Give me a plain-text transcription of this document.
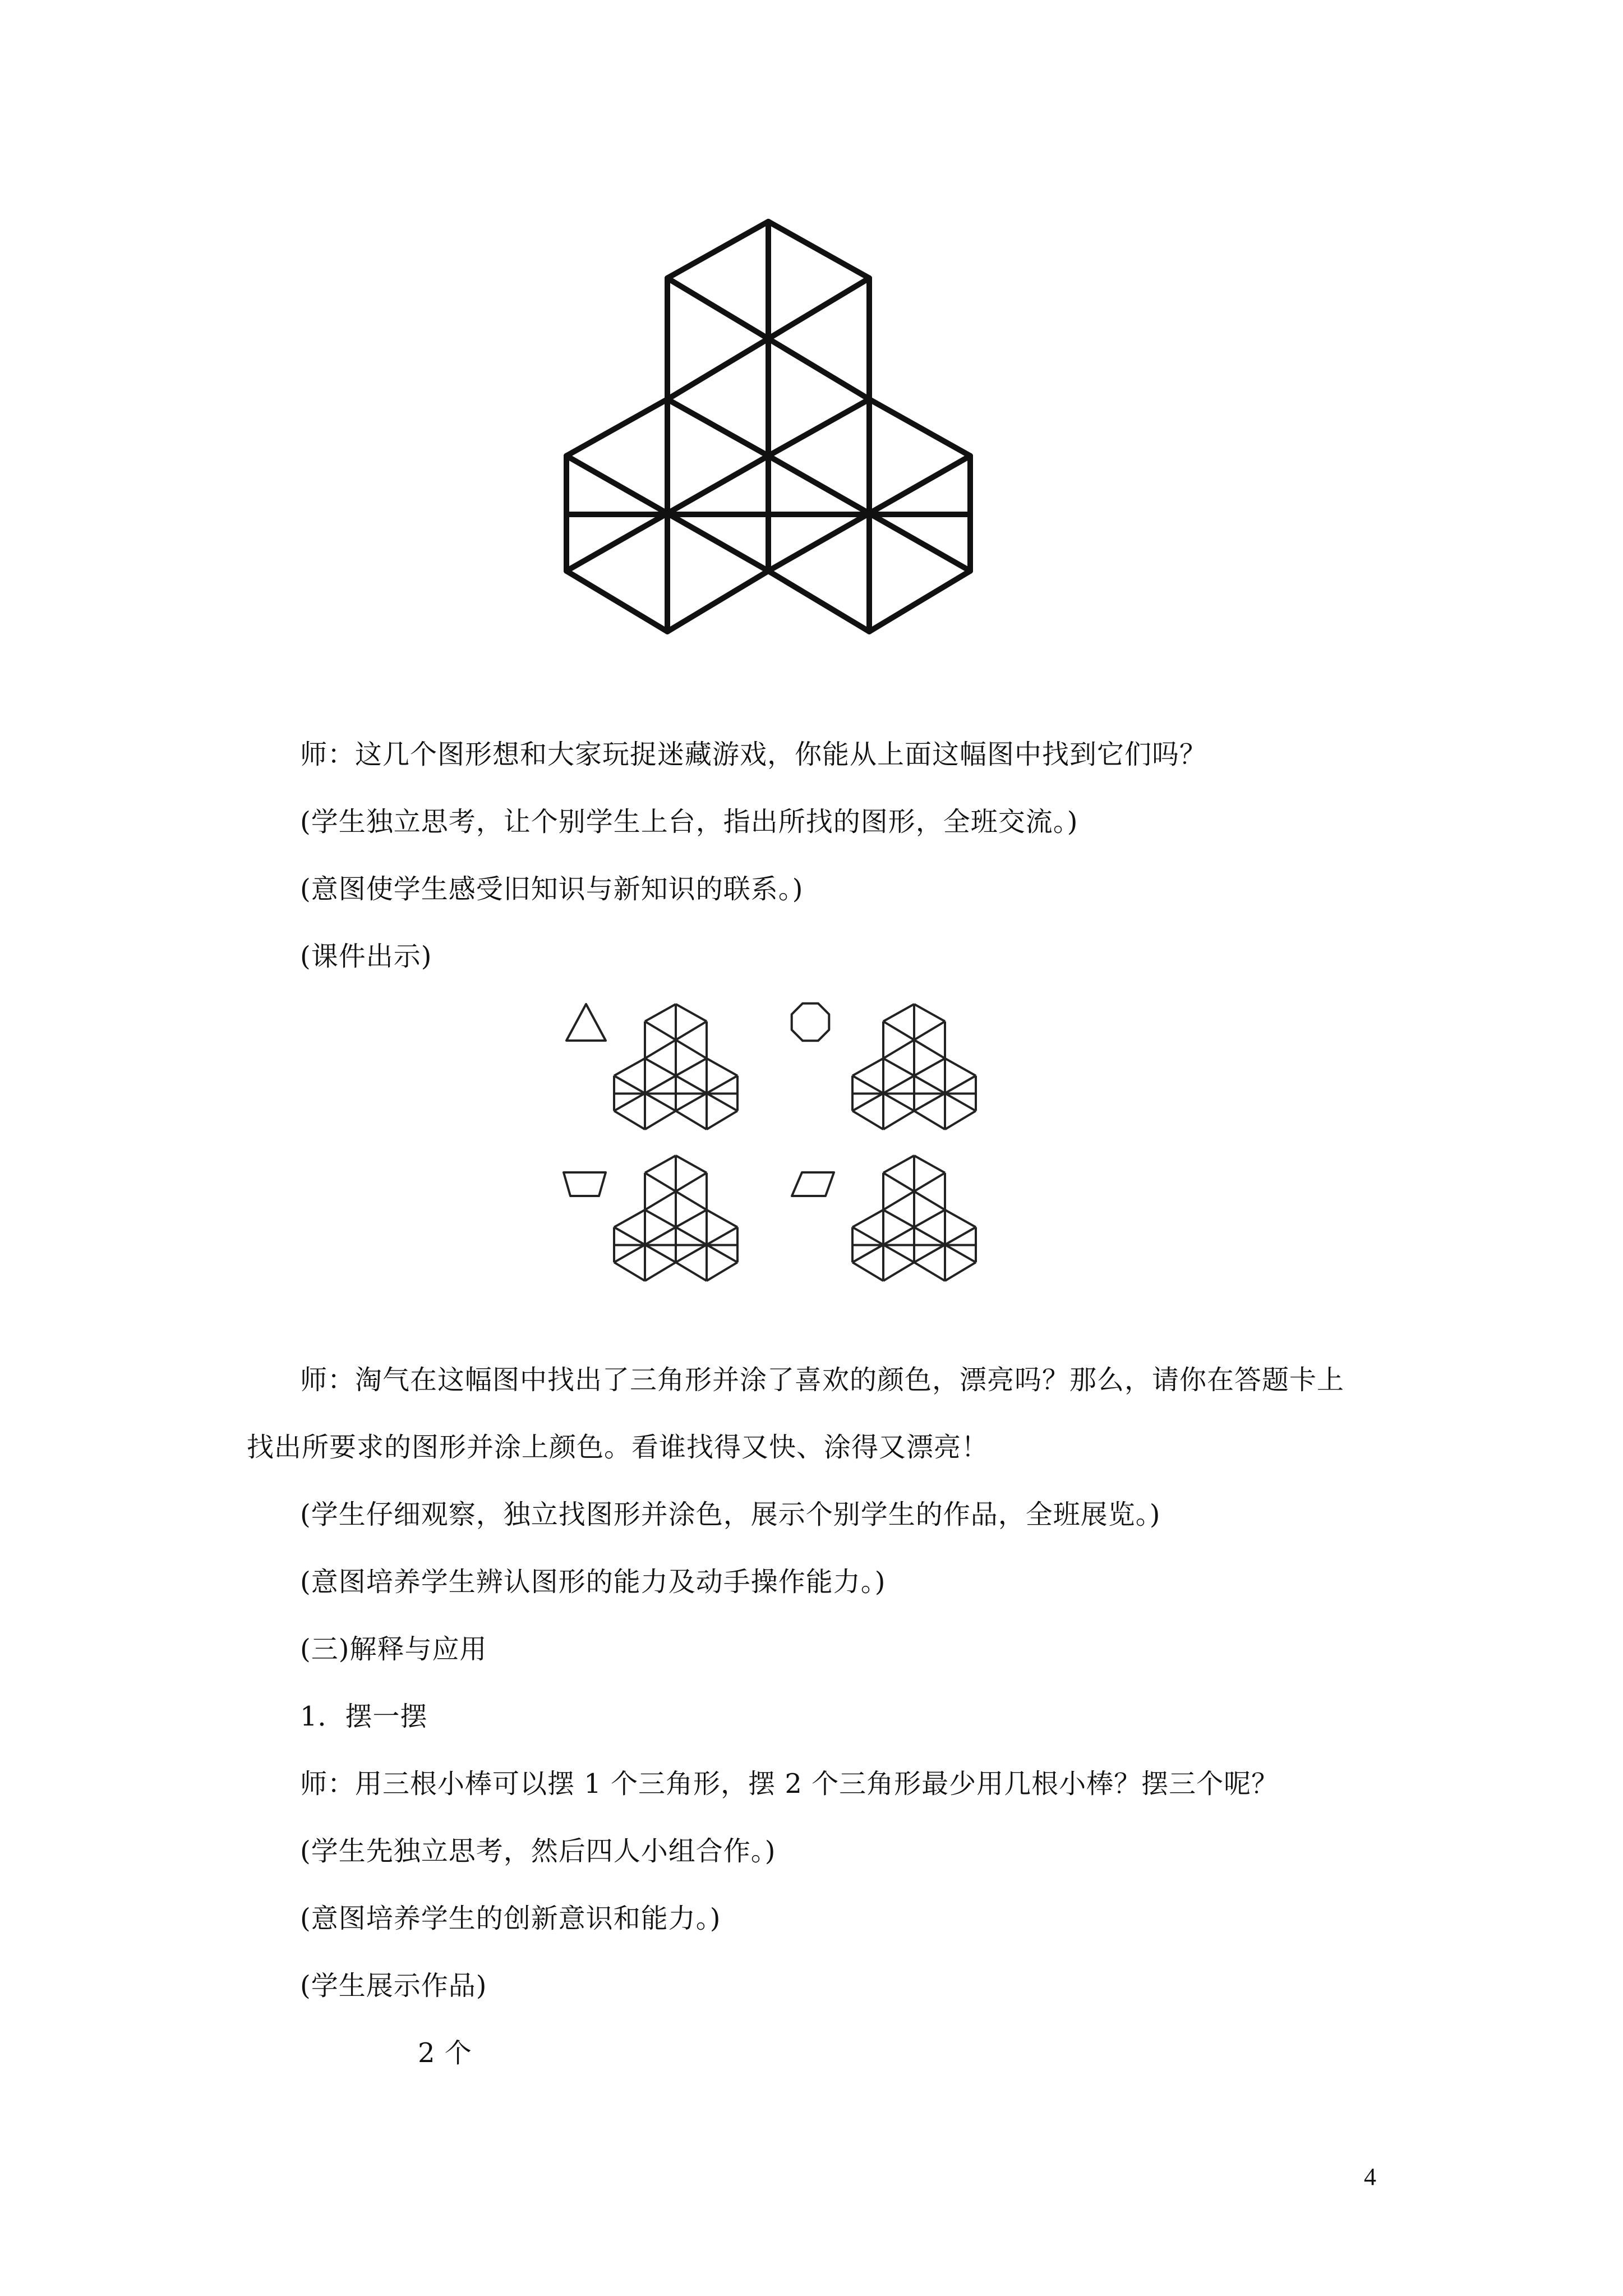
师：这几个图形想和大家玩捉迷藏游戏，你能从上面这幅图中找到它们吗？

(学生独立思考，让个别学生上台，指出所找的图形，全班交流。)

(意图使学生感受旧知识与新知识的联系。)

(课件出示)

师：淘气在这幅图中找出了三角形并涂了喜欢的颜色，漂亮吗？那么，请你在答题卡上

找出所要求的图形并涂上颜色。看谁找得又快、涂得又漂亮！

(学生仔细观察，独立找图形并涂色，展示个别学生的作品，全班展览。)

(意图培养学生辨认图形的能力及动手操作能力。)

(三)解释与应用

1．摆一摆

师：用三根小棒可以摆 1 个三角形，摆 2 个三角形最少用几根小棒？摆三个呢？

(学生先独立思考，然后四人小组合作。)

(意图培养学生的创新意识和能力。)

(学生展示作品)

2 个

4
